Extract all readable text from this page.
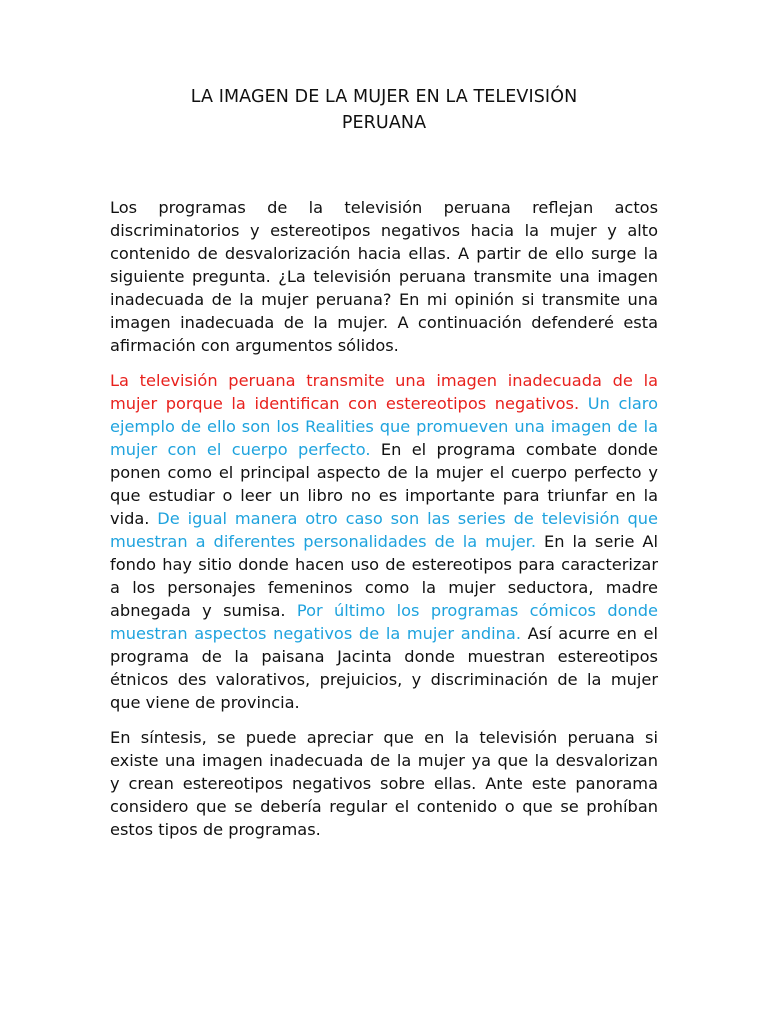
LA IMAGEN DE LA MUJER EN LA TELEVISIÓN
PERUANA

Los programas de la televisión peruana reflejan actos discriminatorios y estereotipos negativos hacia la mujer y alto contenido de desvalorización hacia ellas. A partir de ello surge la siguiente pregunta. ¿La televisión peruana transmite una imagen inadecuada de la mujer peruana? En mi opinión si transmite una imagen inadecuada de la mujer. A continuación defenderé esta afirmación con argumentos sólidos.

La televisión peruana transmite una imagen inadecuada de la mujer porque la identifican con estereotipos negativos. Un claro ejemplo de ello son los Realities que promueven una imagen de la mujer con el cuerpo perfecto. En el programa combate donde ponen como el principal aspecto de la mujer el cuerpo perfecto y que estudiar o leer un libro no es importante para triunfar en la vida. De igual manera otro caso son las series de televisión que muestran a diferentes personalidades de la mujer. En la serie Al fondo hay sitio donde hacen uso de estereotipos para caracterizar a los personajes femeninos como la mujer seductora, madre abnegada y sumisa. Por último los programas cómicos donde muestran aspectos negativos de la mujer andina. Así acurre en el programa de la paisana Jacinta donde muestran estereotipos étnicos des valorativos, prejuicios, y discriminación de la mujer que viene de provincia.

En síntesis, se puede apreciar que en la televisión peruana si existe una imagen inadecuada de la mujer ya que la desvalorizan y crean estereotipos negativos sobre ellas. Ante este panorama considero que se debería regular el contenido o que se prohíban estos tipos de programas.
